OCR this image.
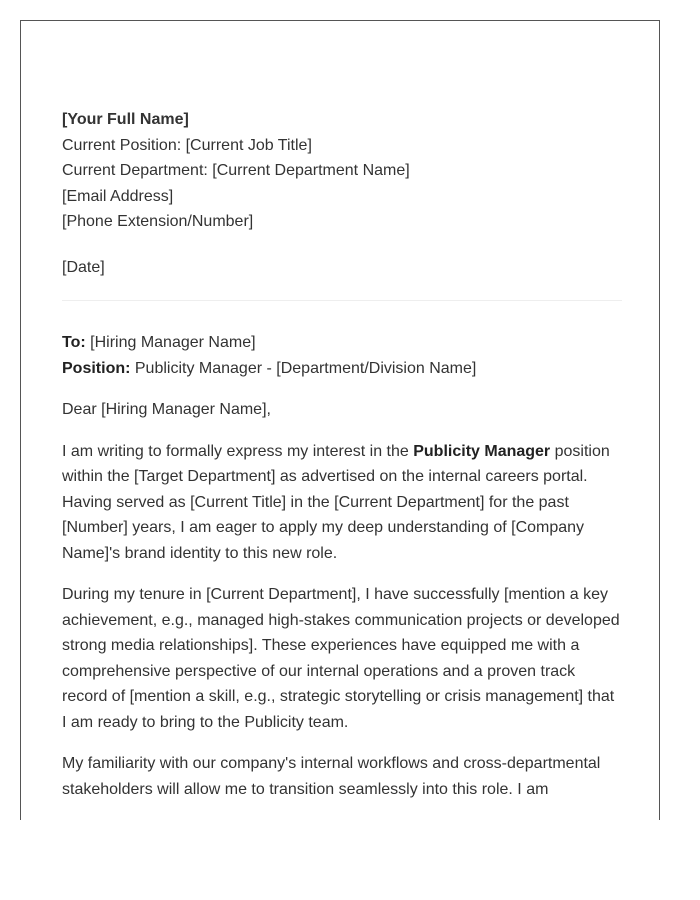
[Your Full Name]
Current Position: [Current Job Title]
Current Department: [Current Department Name]
[Email Address]
[Phone Extension/Number]
[Date]
To: [Hiring Manager Name]
Position: Publicity Manager - [Department/Division Name]
Dear [Hiring Manager Name],

I am writing to formally express my interest in the Publicity Manager position within the [Target Department] as advertised on the internal careers portal. Having served as [Current Title] in the [Current Department] for the past [Number] years, I am eager to apply my deep understanding of [Company Name]'s brand identity to this new role.

During my tenure in [Current Department], I have successfully [mention a key achievement, e.g., managed high-stakes communication projects or developed strong media relationships]. These experiences have equipped me with a comprehensive perspective of our internal operations and a proven track record of [mention a skill, e.g., strategic storytelling or crisis management] that I am ready to bring to the Publicity team.

My familiarity with our company's internal workflows and cross-departmental stakeholders will allow me to transition seamlessly into this role. I am
